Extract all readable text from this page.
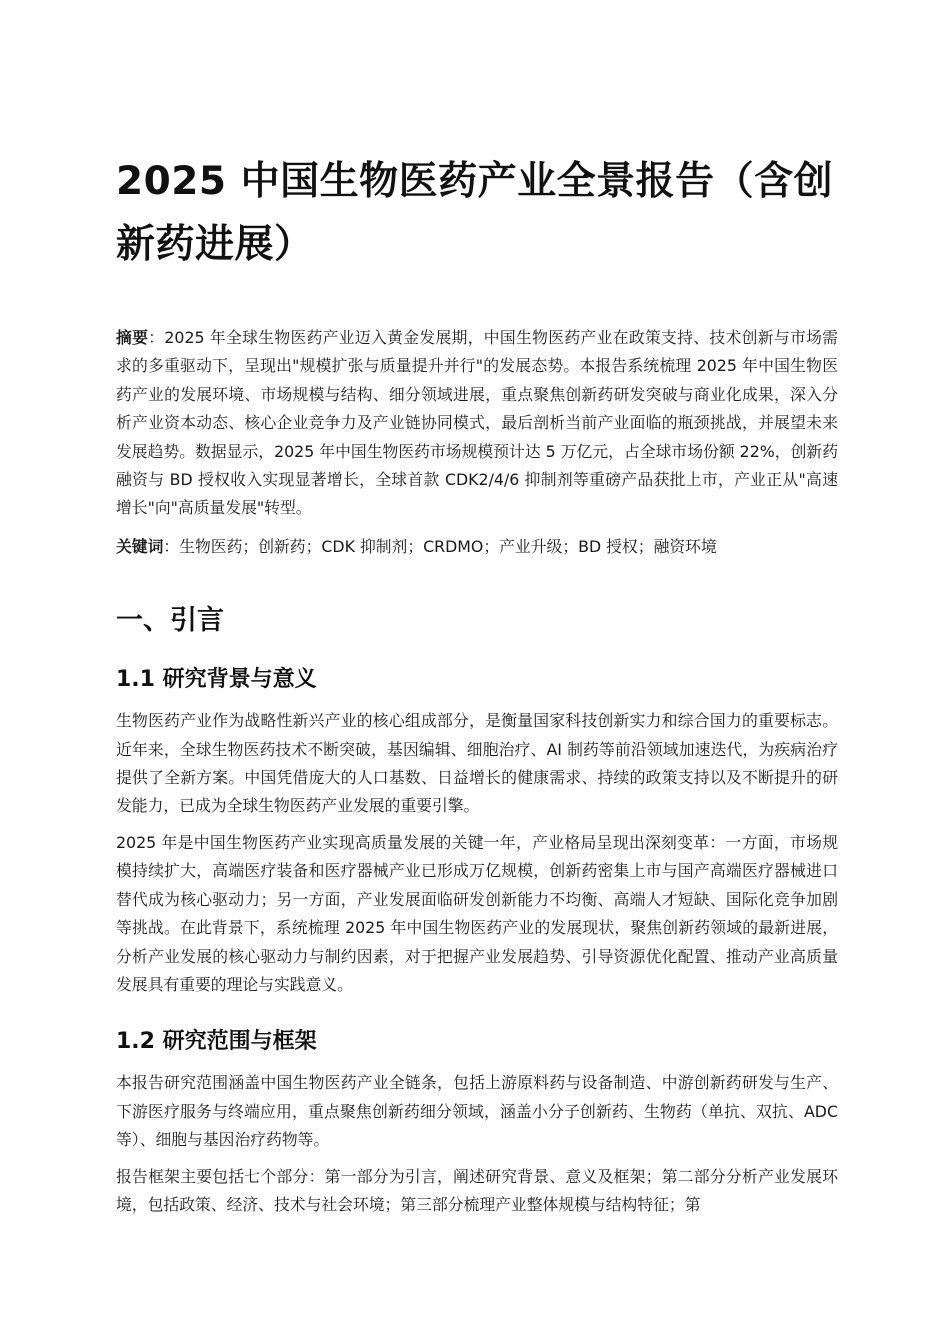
2025 中国生物医药产业全景报告（含创新药进展）

摘要：2025 年全球生物医药产业迈入黄金发展期，中国生物医药产业在政策支持、技术创新与市场需求的多重驱动下，呈现出"规模扩张与质量提升并行"的发展态势。本报告系统梳理 2025 年中国生物医药产业的发展环境、市场规模与结构、细分领域进展，重点聚焦创新药研发突破与商业化成果，深入分析产业资本动态、核心企业竞争力及产业链协同模式，最后剖析当前产业面临的瓶颈挑战，并展望未来发展趋势。数据显示，2025 年中国生物医药市场规模预计达 5 万亿元，占全球市场份额 22%，创新药融资与 BD 授权收入实现显著增长，全球首款 CDK2/4/6 抑制剂等重磅产品获批上市，产业正从"高速增长"向"高质量发展"转型。

关键词：生物医药；创新药；CDK 抑制剂；CRDMO；产业升级；BD 授权；融资环境

一、引言
1.1 研究背景与意义

生物医药产业作为战略性新兴产业的核心组成部分，是衡量国家科技创新实力和综合国力的重要标志。近年来，全球生物医药技术不断突破，基因编辑、细胞治疗、AI 制药等前沿领域加速迭代，为疾病治疗提供了全新方案。中国凭借庞大的人口基数、日益增长的健康需求、持续的政策支持以及不断提升的研发能力，已成为全球生物医药产业发展的重要引擎。

2025 年是中国生物医药产业实现高质量发展的关键一年，产业格局呈现出深刻变革：一方面，市场规模持续扩大，高端医疗装备和医疗器械产业已形成万亿规模，创新药密集上市与国产高端医疗器械进口替代成为核心驱动力；另一方面，产业发展面临研发创新能力不均衡、高端人才短缺、国际化竞争加剧等挑战。在此背景下，系统梳理 2025 年中国生物医药产业的发展现状，聚焦创新药领域的最新进展，分析产业发展的核心驱动力与制约因素，对于把握产业发展趋势、引导资源优化配置、推动产业高质量发展具有重要的理论与实践意义。

1.2 研究范围与框架

本报告研究范围涵盖中国生物医药产业全链条，包括上游原料药与设备制造、中游创新药研发与生产、下游医疗服务与终端应用，重点聚焦创新药细分领域，涵盖小分子创新药、生物药（单抗、双抗、ADC 等）、细胞与基因治疗药物等。

报告框架主要包括七个部分：第一部分为引言，阐述研究背景、意义及框架；第二部分分析产业发展环境，包括政策、经济、技术与社会环境；第三部分梳理产业整体规模与结构特征；第
